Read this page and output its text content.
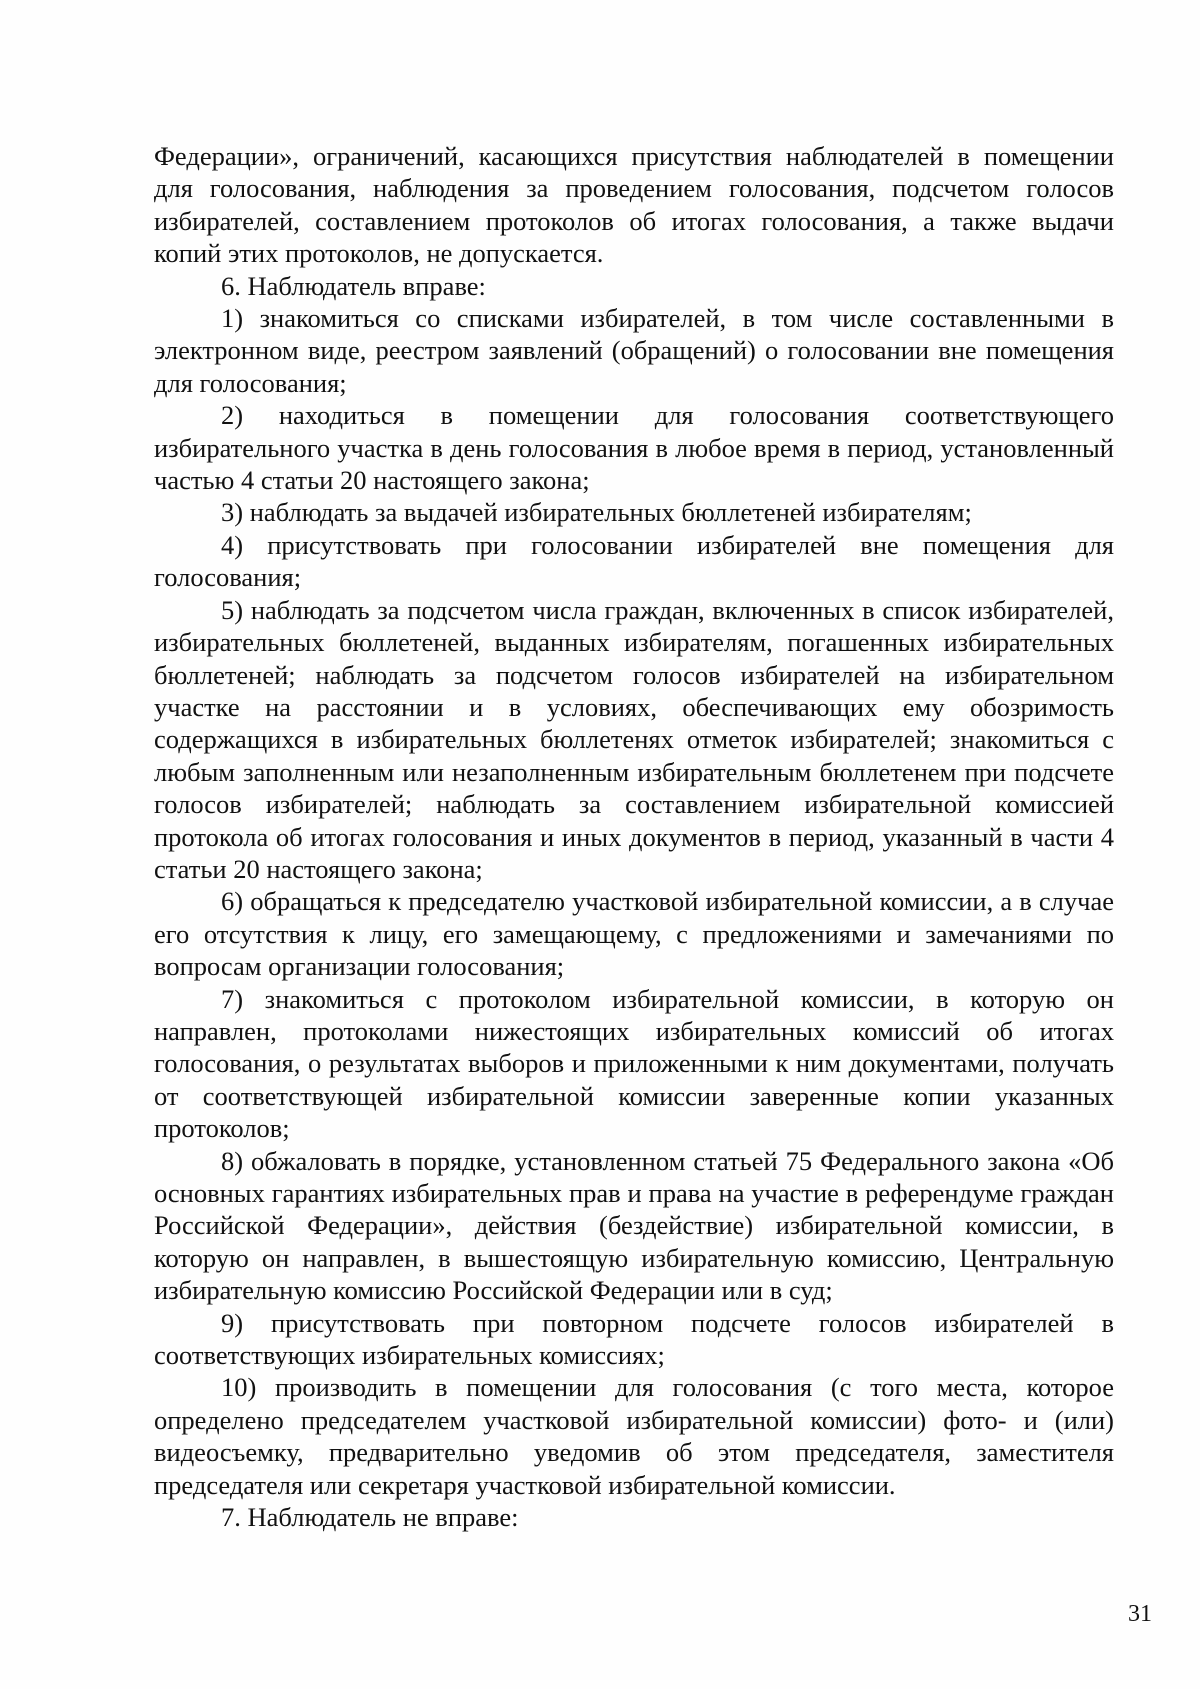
Федерации», ограничений, касающихся присутствия наблюдателей в помещении для голосования, наблюдения за проведением голосования, подсчетом голосов избирателей, составлением протоколов об итогах голосования, а также выдачи копий этих протоколов, не допускается.

6. Наблюдатель вправе:

1) знакомиться со списками избирателей, в том числе составленными в электронном виде, реестром заявлений (обращений) о голосовании вне помещения для голосования;

2) находиться в помещении для голосования соответствующего избирательного участка в день голосования в любое время в период, установленный частью 4 статьи 20 настоящего закона;

3) наблюдать за выдачей избирательных бюллетеней избирателям;

4) присутствовать при голосовании избирателей вне помещения для голосования;

5) наблюдать за подсчетом числа граждан, включенных в список избирателей, избирательных бюллетеней, выданных избирателям, погашенных избирательных бюллетеней; наблюдать за подсчетом голосов избирателей на избирательном участке на расстоянии и в условиях, обеспечивающих ему обозримость содержащихся в избирательных бюллетенях отметок избирателей; знакомиться с любым заполненным или незаполненным избирательным бюллетенем при подсчете голосов избирателей; наблюдать за составлением избирательной комиссией протокола об итогах голосования и иных документов в период, указанный в части 4 статьи 20 настоящего закона;

6) обращаться к председателю участковой избирательной комиссии, а в случае его отсутствия к лицу, его замещающему, с предложениями и замечаниями по вопросам организации голосования;

7) знакомиться с протоколом избирательной комиссии, в которую он направлен, протоколами нижестоящих избирательных комиссий об итогах голосования, о результатах выборов и приложенными к ним документами, получать от соответствующей избирательной комиссии заверенные копии указанных протоколов;

8) обжаловать в порядке, установленном статьей 75 Федерального закона «Об основных гарантиях избирательных прав и права на участие в референдуме граждан Российской Федерации», действия (бездействие) избирательной комиссии, в которую он направлен, в вышестоящую избирательную комиссию, Центральную избирательную комиссию Российской Федерации или в суд;

9) присутствовать при повторном подсчете голосов избирателей в соответствующих избирательных комиссиях;

10) производить в помещении для голосования (с того места, которое определено председателем участковой избирательной комиссии) фото- и (или) видеосъемку, предварительно уведомив об этом председателя, заместителя председателя или секретаря участковой избирательной комиссии.

7. Наблюдатель не вправе:

31
